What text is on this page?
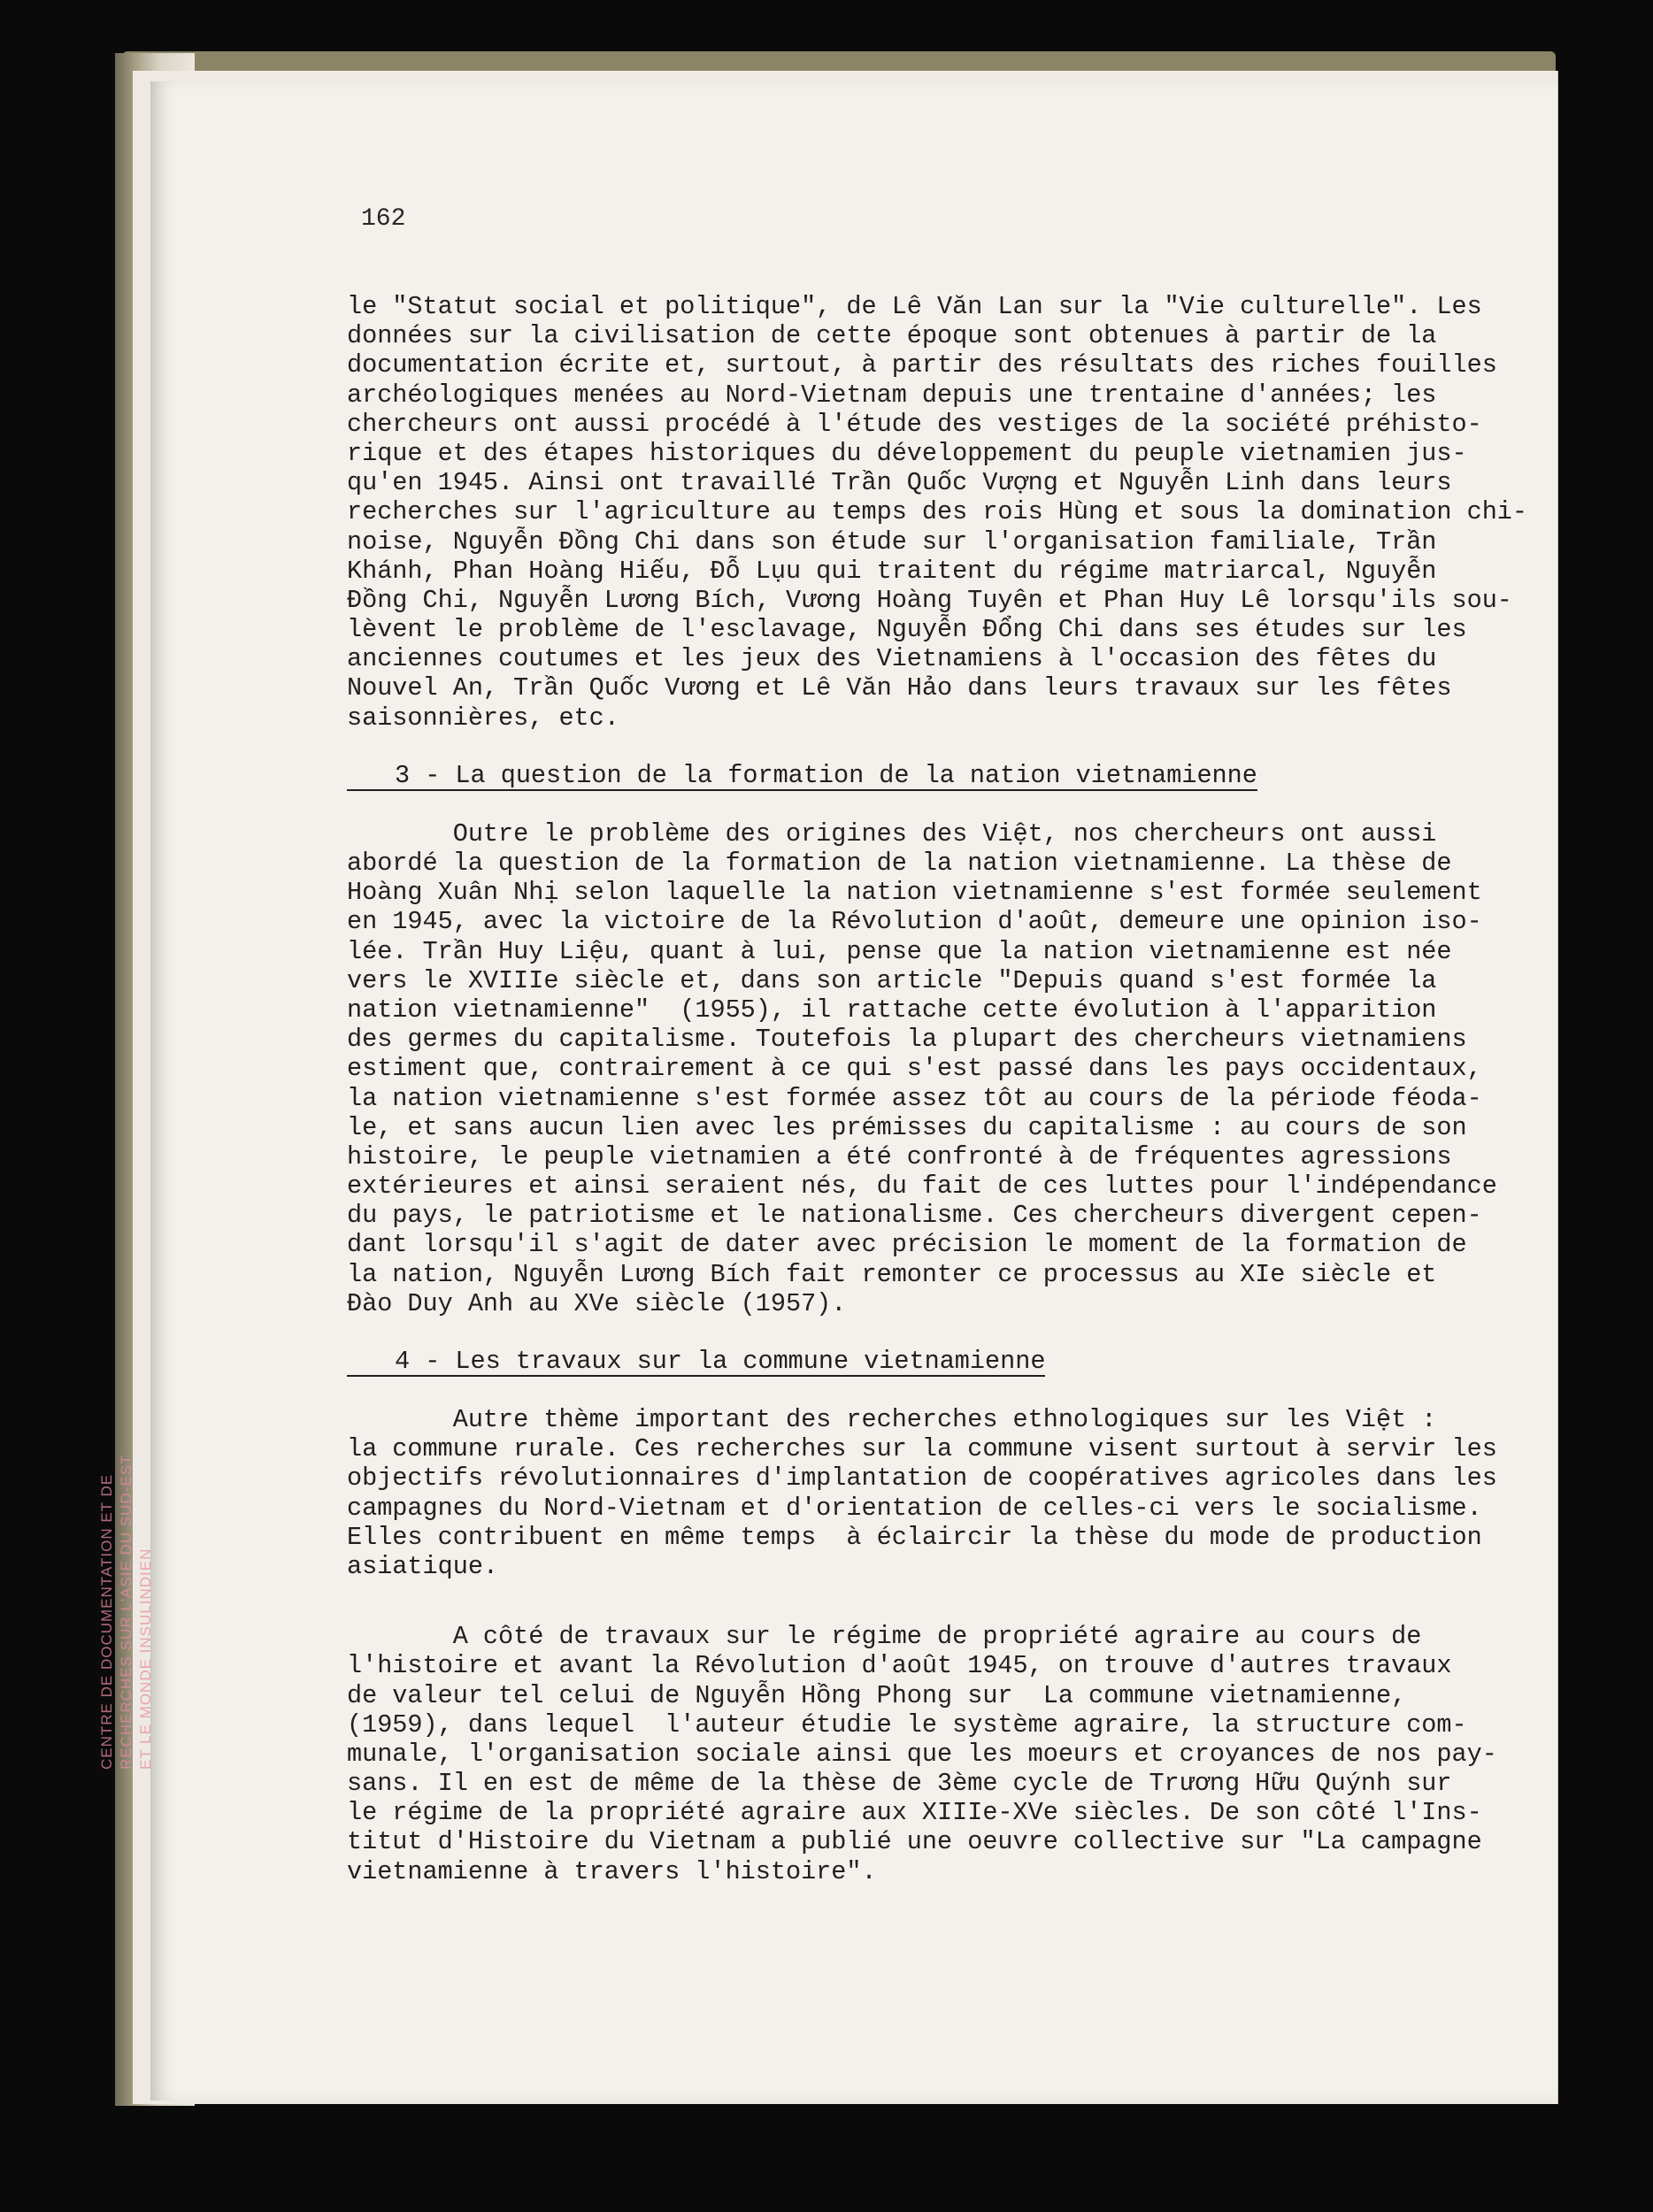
CENTRE DE DOCUMENTATION ET DE RECHERCHES SUR L'ASIE DU SUD-EST ET LE MONDE INSULINDIEN
162
le "Statut social et politique", de Lê Văn Lan sur la "Vie culturelle". Les
données sur la civilisation de cette époque sont obtenues à partir de la
documentation écrite et, surtout, à partir des résultats des riches fouilles
archéologiques menées au Nord-Vietnam depuis une trentaine d'années; les
chercheurs ont aussi procédé à l'étude des vestiges de la société préhisto-
rique et des étapes historiques du développement du peuple vietnamien jus-
qu'en 1945. Ainsi ont travaillé Trần Quốc Vượng et Nguyễn Linh dans leurs
recherches sur l'agriculture au temps des rois Hùng et sous la domination chi-
noise, Nguyễn Đồng Chi dans son étude sur l'organisation familiale, Trần
Khánh, Phan Hoàng Hiếu, Đỗ Lụu qui traitent du régime matriarcal, Nguyễn
Đồng Chi, Nguyễn Lương Bích, Vương Hoàng Tuyên et Phan Huy Lê lorsqu'ils sou-
lèvent le problème de l'esclavage, Nguyễn Đổng Chi dans ses études sur les
anciennes coutumes et les jeux des Vietnamiens à l'occasion des fêtes du
Nouvel An, Trần Quốc Vương et Lê Văn Hảo dans leurs travaux sur les fêtes
saisonnières, etc.
3 - La question de la formation de la nation vietnamienne
Outre le problème des origines des Việt, nos chercheurs ont aussi
abordé la question de la formation de la nation vietnamienne. La thèse de
Hoàng Xuân Nhị selon laquelle la nation vietnamienne s'est formée seulement
en 1945, avec la victoire de la Révolution d'août, demeure une opinion iso-
lée. Trần Huy Liệu, quant à lui, pense que la nation vietnamienne est née
vers le XVIIIe siècle et, dans son article "Depuis quand s'est formée la
nation vietnamienne"  (1955), il rattache cette évolution à l'apparition
des germes du capitalisme. Toutefois la plupart des chercheurs vietnamiens
estiment que, contrairement à ce qui s'est passé dans les pays occidentaux,
la nation vietnamienne s'est formée assez tôt au cours de la période féoda-
le, et sans aucun lien avec les prémisses du capitalisme : au cours de son
histoire, le peuple vietnamien a été confronté à de fréquentes agressions
extérieures et ainsi seraient nés, du fait de ces luttes pour l'indépendance
du pays, le patriotisme et le nationalisme. Ces chercheurs divergent cepen-
dant lorsqu'il s'agit de dater avec précision le moment de la formation de
la nation, Nguyễn Lương Bích fait remonter ce processus au XIe siècle et
Đào Duy Anh au XVe siècle (1957).
4 - Les travaux sur la commune vietnamienne
Autre thème important des recherches ethnologiques sur les Việt :
la commune rurale. Ces recherches sur la commune visent surtout à servir les
objectifs révolutionnaires d'implantation de coopératives agricoles dans les
campagnes du Nord-Vietnam et d'orientation de celles-ci vers le socialisme.
Elles contribuent en même temps  à éclaircir la thèse du mode de production
asiatique.
A côté de travaux sur le régime de propriété agraire au cours de
l'histoire et avant la Révolution d'août 1945, on trouve d'autres travaux
de valeur tel celui de Nguyễn Hồng Phong sur  La commune vietnamienne,
(1959), dans lequel  l'auteur étudie le système agraire, la structure com-
munale, l'organisation sociale ainsi que les moeurs et croyances de nos pay-
sans. Il en est de même de la thèse de 3ème cycle de Trương Hữu Quýnh sur
le régime de la propriété agraire aux XIIIe-XVe siècles. De son côté l'Ins-
titut d'Histoire du Vietnam a publié une oeuvre collective sur "La campagne
vietnamienne à travers l'histoire".
